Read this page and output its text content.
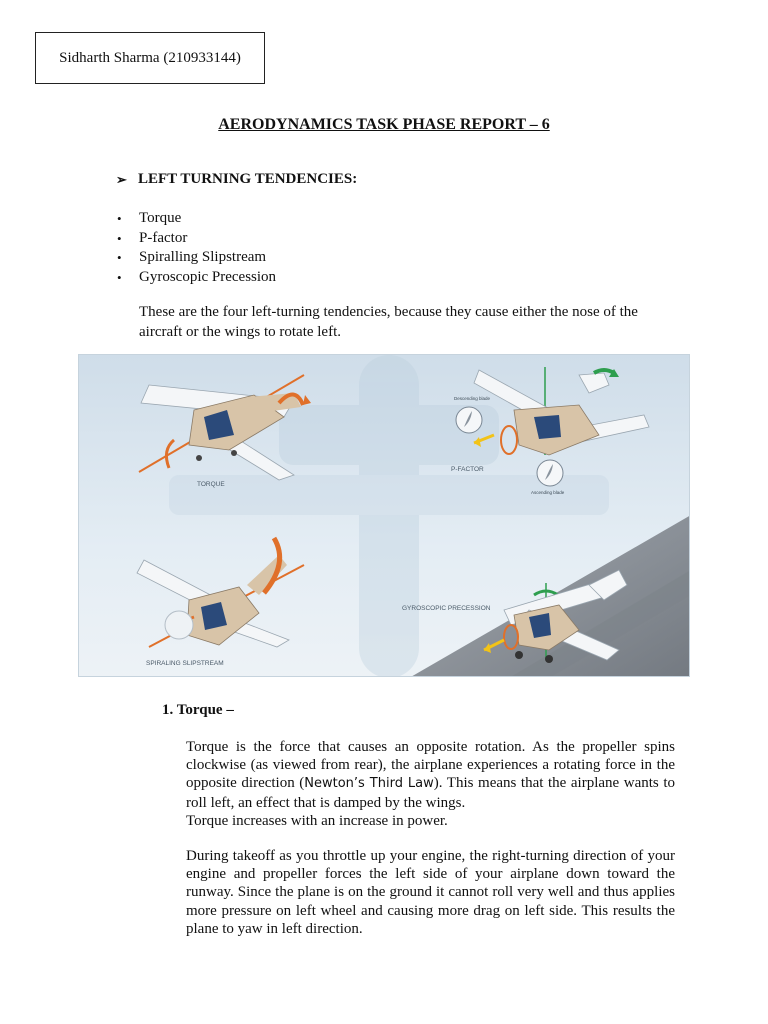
Sidharth Sharma (210933144)
AERODYNAMICS TASK PHASE REPORT – 6
➢ LEFT TURNING TENDENCIES:
•	Torque
•	P-factor
•	Spiralling Slipstream
•	Gyroscopic Precession
These are the four left-turning tendencies, because they cause either the nose of the aircraft or the wings to rotate left.
TORQUE
Descending blade
Ascending blade
P-FACTOR
SPIRALING SLIPSTREAM
GYROSCOPIC PRECESSION
1. Torque –

Torque is the force that causes an opposite rotation. As the propeller spins clockwise (as viewed from rear), the airplane experiences a rotating force in the opposite direction (Newton’s Third Law). This means that the airplane wants to roll left, an effect that is damped by the wings.

Torque increases with an increase in power.

During takeoff as you throttle up your engine, the right-turning direction of your engine and propeller forces the left side of your airplane down toward the runway. Since the plane is on the ground it cannot roll very well and thus applies more pressure on left wheel and causing more drag on left side. This results the plane to yaw in left direction.
